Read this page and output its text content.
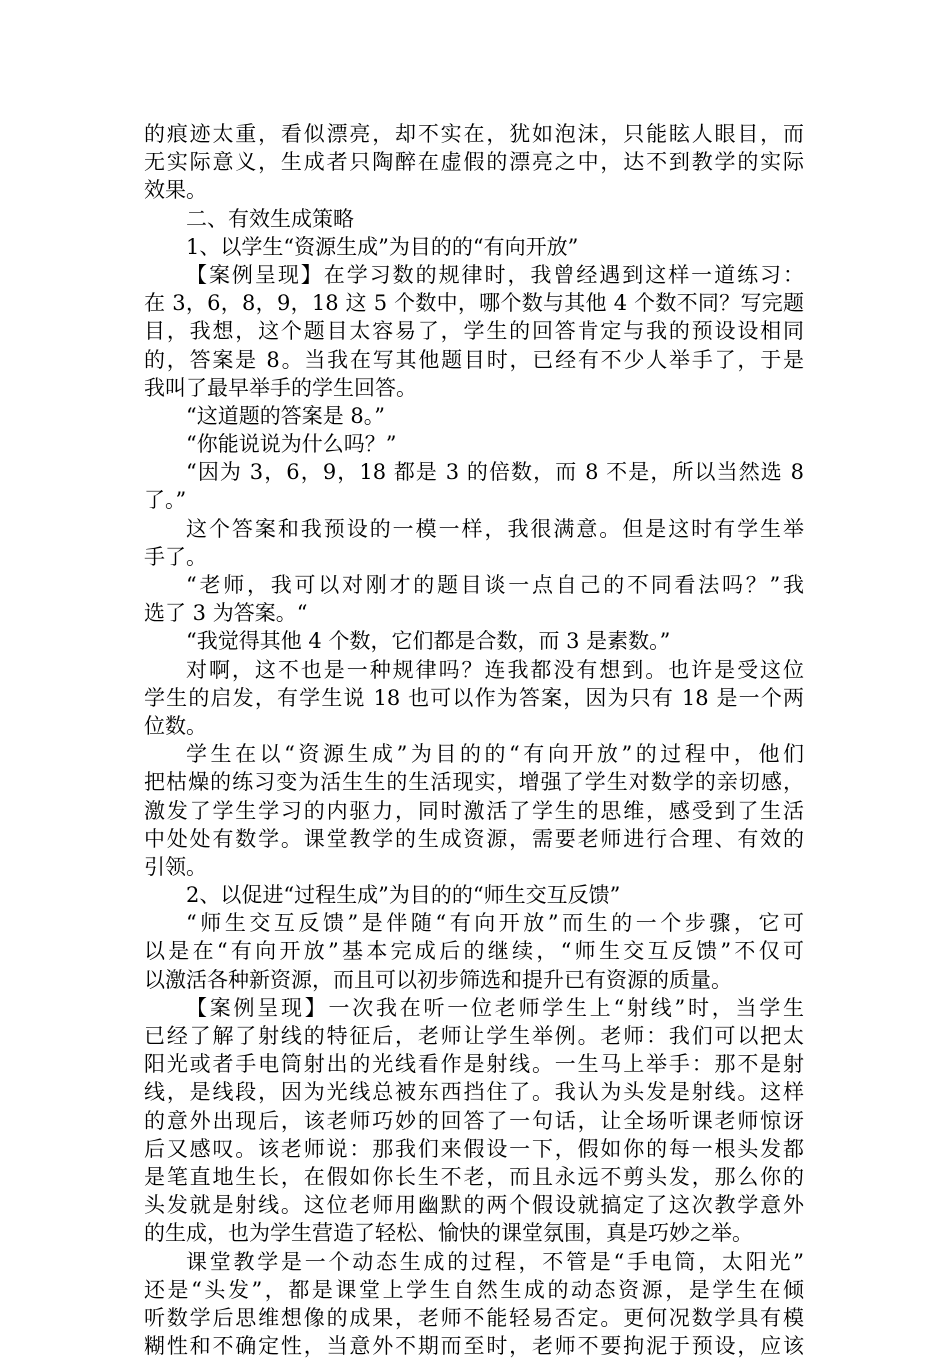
的痕迹太重，看似漂亮，却不实在，犹如泡沫，只能眩人眼目，而
无实际意义，生成者只陶醉在虚假的漂亮之中，达不到教学的实际
效果。
二、有效生成策略
1、以学生“资源生成”为目的的“有向开放”
【案例呈现】在学习数的规律时，我曾经遇到这样一道练习：
在 3，6，8，9，18 这 5 个数中，哪个数与其他 4 个数不同？写完题
目，我想，这个题目太容易了，学生的回答肯定与我的预设设相同
的，答案是 8。当我在写其他题目时，已经有不少人举手了，于是
我叫了最早举手的学生回答。
“这道题的答案是 8。”
“你能说说为什么吗？”
“因为 3，6，9，18 都是 3 的倍数，而 8 不是，所以当然选 8
了。”
这个答案和我预设的一模一样，我很满意。但是这时有学生举
手了。
“老师，我可以对刚才的题目谈一点自己的不同看法吗？”我
选了 3 为答案。“
“我觉得其他 4 个数，它们都是合数，而 3 是素数。”
对啊，这不也是一种规律吗？连我都没有想到。也许是受这位
学生的启发，有学生说 18 也可以作为答案，因为只有 18 是一个两
位数。
学生在以“资源生成”为目的的“有向开放”的过程中，他们
把枯燥的练习变为活生生的生活现实，增强了学生对数学的亲切感，
激发了学生学习的内驱力，同时激活了学生的思维，感受到了生活
中处处有数学。课堂教学的生成资源，需要老师进行合理、有效的
引领。
2、以促进“过程生成”为目的的“师生交互反馈”
“师生交互反馈”是伴随“有向开放”而生的一个步骤，它可
以是在“有向开放”基本完成后的继续，“师生交互反馈”不仅可
以激活各种新资源，而且可以初步筛选和提升已有资源的质量。
【案例呈现】一次我在听一位老师学生上“射线”时，当学生
已经了解了射线的特征后，老师让学生举例。老师：我们可以把太
阳光或者手电筒射出的光线看作是射线。一生马上举手：那不是射
线，是线段，因为光线总被东西挡住了。我认为头发是射线。这样
的意外出现后，该老师巧妙的回答了一句话，让全场听课老师惊讶
后又感叹。该老师说：那我们来假设一下，假如你的每一根头发都
是笔直地生长，在假如你长生不老，而且永远不剪头发，那么你的
头发就是射线。这位老师用幽默的两个假设就搞定了这次教学意外
的生成，也为学生营造了轻松、愉快的课堂氛围，真是巧妙之举。
课堂教学是一个动态生成的过程，不管是“手电筒，太阳光”
还是“头发”，都是课堂上学生自然生成的动态资源，是学生在倾
听数学后思维想像的成果，老师不能轻易否定。更何况数学具有模
糊性和不确定性，当意外不期而至时，老师不要拘泥于预设，应该
